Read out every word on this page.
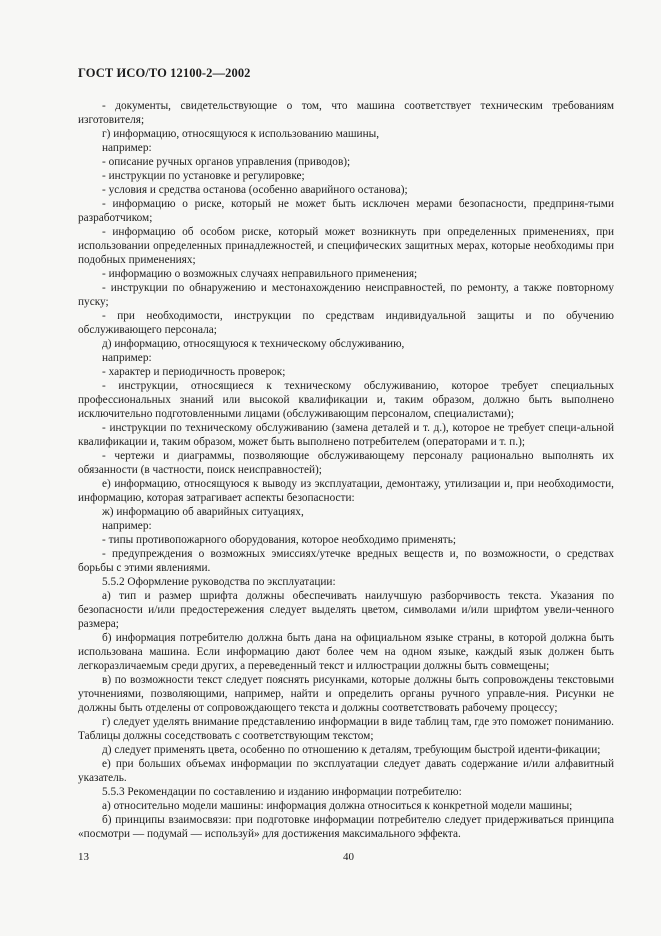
ГОСТ ИСО/ТО 12100-2—2002

- документы, свидетельствующие о том, что машина соответствует техническим требованиям изготовителя;

г) информацию, относящуюся к использованию машины,

например:

- описание ручных органов управления (приводов);

- инструкции по установке и регулировке;

- условия и средства останова (особенно аварийного останова);

- информацию о риске, который не может быть исключен мерами безопасности, предприня-тыми разработчиком;

- информацию об особом риске, который может возникнуть при определенных применениях, при использовании определенных принадлежностей, и специфических защитных мерах, которые необходимы при подобных применениях;

- информацию о возможных случаях неправильного применения;

- инструкции по обнаружению и местонахождению неисправностей, по ремонту, а также повторному пуску;

- при необходимости, инструкции по средствам индивидуальной защиты и по обучению обслуживающего персонала;

д) информацию, относящуюся к техническому обслуживанию,

например:

- характер и периодичность проверок;

- инструкции, относящиеся к техническому обслуживанию, которое требует специальных профессиональных знаний или высокой квалификации и, таким образом, должно быть выполнено исключительно подготовленными лицами (обслуживающим персоналом, специалистами);

- инструкции по техническому обслуживанию (замена деталей и т. д.), которое не требует специ-альной квалификации и, таким образом, может быть выполнено потребителем (операторами и т. п.);

- чертежи и диаграммы, позволяющие обслуживающему персоналу рационально выполнять их обязанности (в частности, поиск неисправностей);

е) информацию, относящуюся к выводу из эксплуатации, демонтажу, утилизации и, при необходимости, информацию, которая затрагивает аспекты безопасности:

ж) информацию об аварийных ситуациях,

например:

- типы противопожарного оборудования, которое необходимо применять;

- предупреждения о возможных эмиссиях/утечке вредных веществ и, по возможности, о средствах борьбы с этими явлениями.

5.5.2 Оформление руководства по эксплуатации:

а) тип и размер шрифта должны обеспечивать наилучшую разборчивость текста. Указания по безопасности и/или предостережения следует выделять цветом, символами и/или шрифтом увели-ченного размера;

б) информация потребителю должна быть дана на официальном языке страны, в которой должна быть использована машина. Если информацию дают более чем на одном языке, каждый язык должен быть легкоразличаемым среди других, а переведенный текст и иллюстрации должны быть совмещены;

в) по возможности текст следует пояснять рисунками, которые должны быть сопровождены текстовыми уточнениями, позволяющими, например, найти и определить органы ручного управле-ния. Рисунки не должны быть отделены от сопровождающего текста и должны соответствовать рабочему процессу;

г) следует уделять внимание представлению информации в виде таблиц там, где это поможет пониманию. Таблицы должны соседствовать с соответствующим текстом;

д) следует применять цвета, особенно по отношению к деталям, требующим быстрой иденти-фикации;

е) при больших объемах информации по эксплуатации следует давать содержание и/или алфавитный указатель.

5.5.3 Рекомендации по составлению и изданию информации потребителю:

а) относительно модели машины: информация должна относиться к конкретной модели машины;

б) принципы взаимосвязи: при подготовке информации потребителю следует придерживаться принципа «посмотри — подумай — используй» для достижения максимального эффекта.

13	40
